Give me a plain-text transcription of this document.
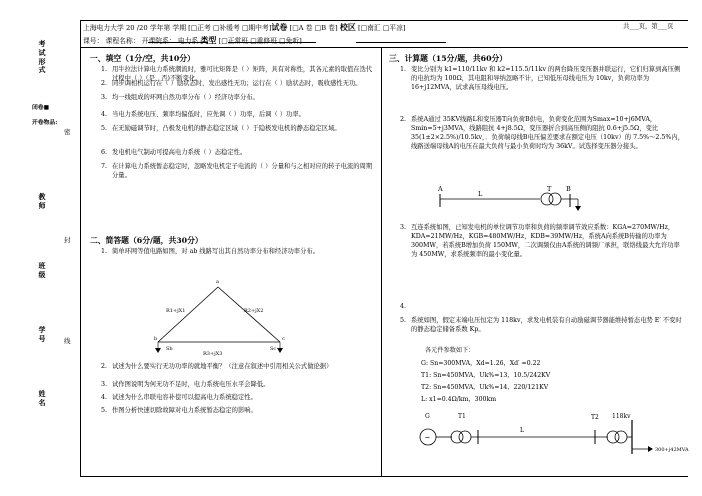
考
试
形
式
闭卷■
开卷物品:
教
师
班
级
学
号
姓
名
密
封
线
上海电力大学 20 /20 学年第 学期 [□正考 □补缓考 □期中考]试卷 [□A 卷 □B 卷] 校区 [□南汇 □平凉]	共___页，第___页
课号： 课程名称： 开课院系： 电力系 类型 [□正常班 □重修班 □免听]
一、填空（1分/空，共10分）
1. 用牛拉法计算电力系统潮流时，雅可比矩阵是（ ）矩阵，具有对称性，其各元素的取值在迭代过程中（ ）（是、否)不断变化。
2. 同步调相机运行在（ ）励状态时，发出感性无功；运行在（ ）励状态时，吸收感性无功。
3. 均一线组成的环网自然功率分布（ ）经济功率分布。
4. 当电力系统电压、频率均偏低时，应先调（ ）功率，后调（ ）功率。
5. 在无励磁调节时，凸极发电机的静态稳定区域（ ）于隐极发电机的静态稳定区域。
6. 发电机电气制动可提高电力系统（ ）态稳定性。
7. 在计算电力系统暂态稳定时，忽略发电机定子电流的（ ）分量和与之相对应的转子电流的周期分量。
二、简答题（6分/题，共30分）
1. 简单环网等值电路如图，对 ab 线路写出其自然功率分布和经济功率分布。
2. 试述为什么要实行无功功率的就地平衡？（注意在叙述中引用相关公式做论据）
3. 试作图说明为何无功不足时，电力系统电压水平会降低。
4. 试述为什么串联电容补偿可以提高电力系统稳定性。
5. 作图分析快速切除故障对电力系统暂态稳定的影响。
a
b	c
Sb	Sc
R1+jX1	R2+jX2
R3+jX3
三、计算题（15分/题，共60分）
1. 变比分别为 k1=110/11kv 和 k2=115.5/11kv 的两台降压变压器并联运行，它们归算到高压侧的电抗均为 100Ω，其电阻和导纳忽略不计，已知低压母线电压为 10kv，负荷功率为 16+j12MVA，试求高压母线电压。
2. 系统A通过 35KV线路L和变压器T向负荷B供电，负荷变化范围为Smax=10+j6MVA，Smin=5+j3MVA，线路阻抗 4+j8.5Ω，变压器折合到高压侧的阻抗 0.6+j5.5Ω，变比 35(1±2×2.5%)/10.5kv，．负荷端母线B电压偏差要求在额定电压（10kv）的 7.5%～2.5%内，线路送端母线A的电压在最大负荷与最小负荷时均为 36kV。试选择变压器分接头。
3. 互连系统如图，已知发电机的单位调节功率和负荷的频率调节效应系数：KGA=270MW/Hz，KDA=21MW/Hz，KGB=480MW/Hz，KDB=39MW/Hz，系统A向系统B传输的功率为 300MW，若系统B增加负荷 150MW，二次调频仅由A系统的调频厂承担，联络线最大允许功率为 450MW，求系统频率的最小变化量。
4.
5. 系统如图，假定末端电压恒定为 118kv，求发电机装有自动励磁调节器能维持暂态电势 E′ 不变时的静态稳定储备系数 Kp。
A
L
T B
各元件参数如下：
G: Sn=300MVA，Xd=1.26，Xd′ =0.22
T1: Sn=450MVA，Uk%=13，10.5/242KV
T2: Sn=450MVA，Uk%=14，220/121KV
L: x1=0.4Ω/km，300km
G
~
T1
L
T2 118kv
300+j42MVA
